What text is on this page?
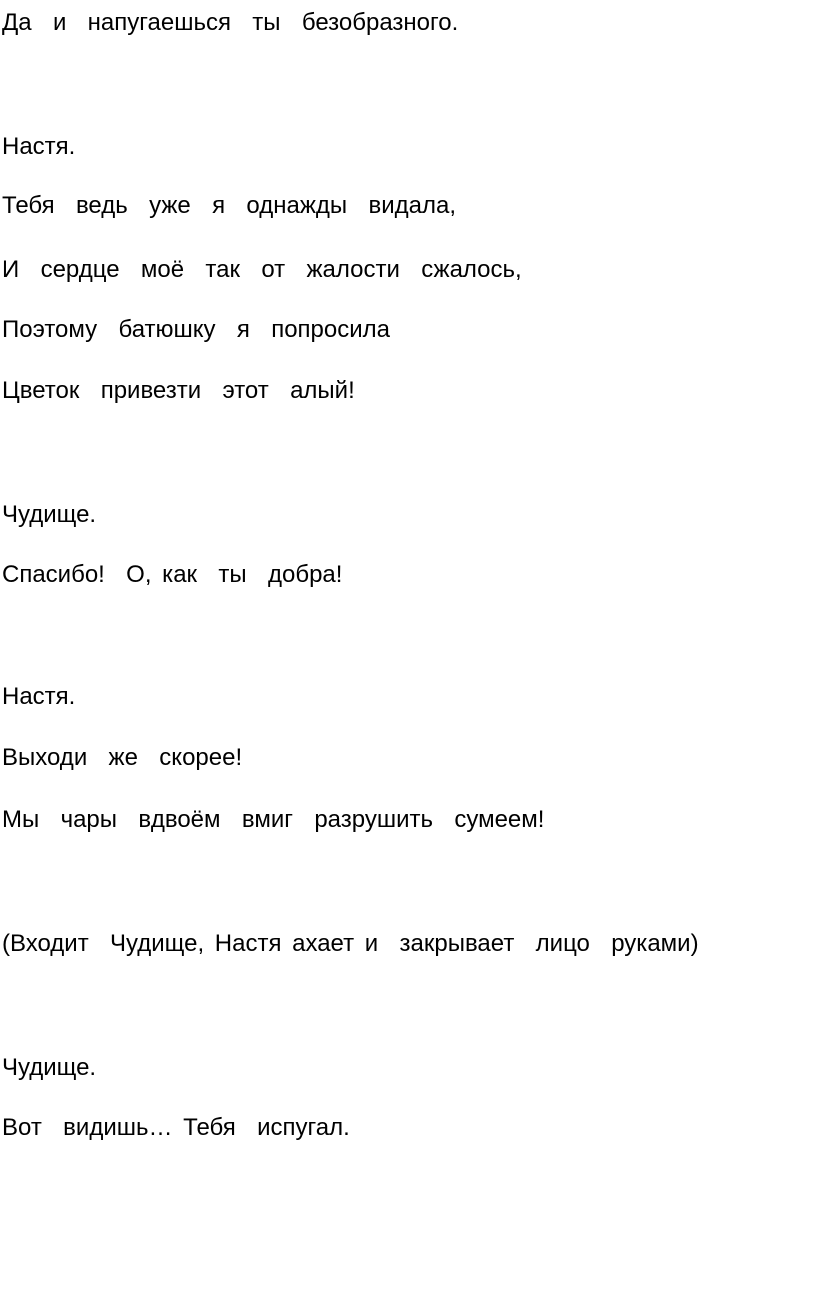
Да  и  напугаешься  ты  безобразного.
Настя.
Тебя  ведь  уже  я  однажды  видала,
И  сердце  моё  так  от  жалости  сжалось,
Поэтому  батюшку  я  попросила
Цветок  привезти  этот  алый!
Чудище.
Спасибо!  О, как  ты  добра!
Настя.
Выходи  же  скорее!
Мы  чары  вдвоём  вмиг  разрушить  сумеем!
(Входит  Чудище, Настя ахает и  закрывает  лицо  руками)
Чудище.
Вот  видишь… Тебя  испугал.
